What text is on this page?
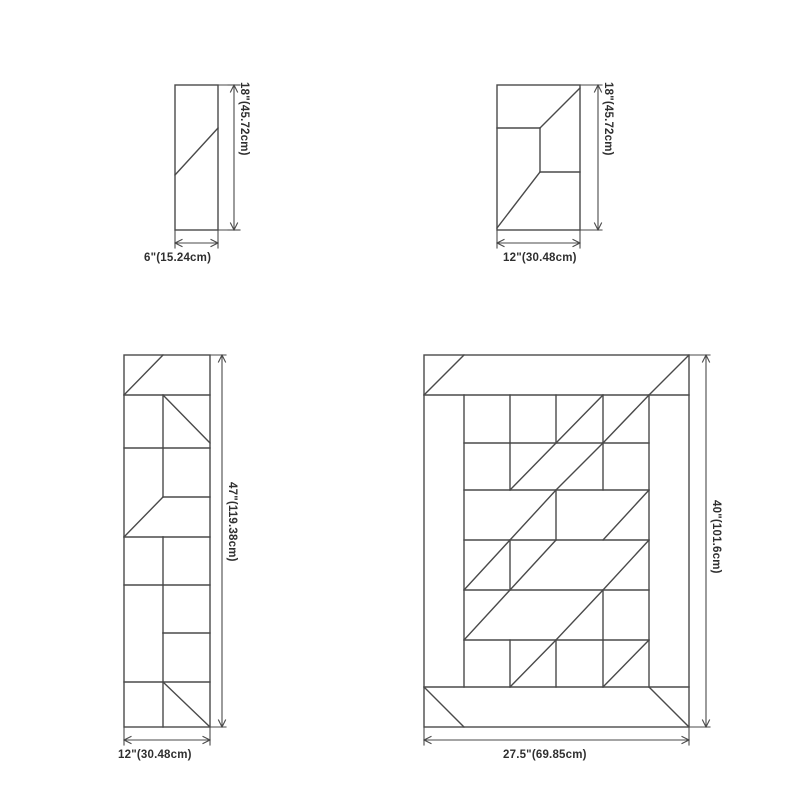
18"(45.72cm)
6"(15.24cm)
18"(45.72cm)
12"(30.48cm)
47"(119.38cm)
12"(30.48cm)
40"(101.6cm)
27.5"(69.85cm)
